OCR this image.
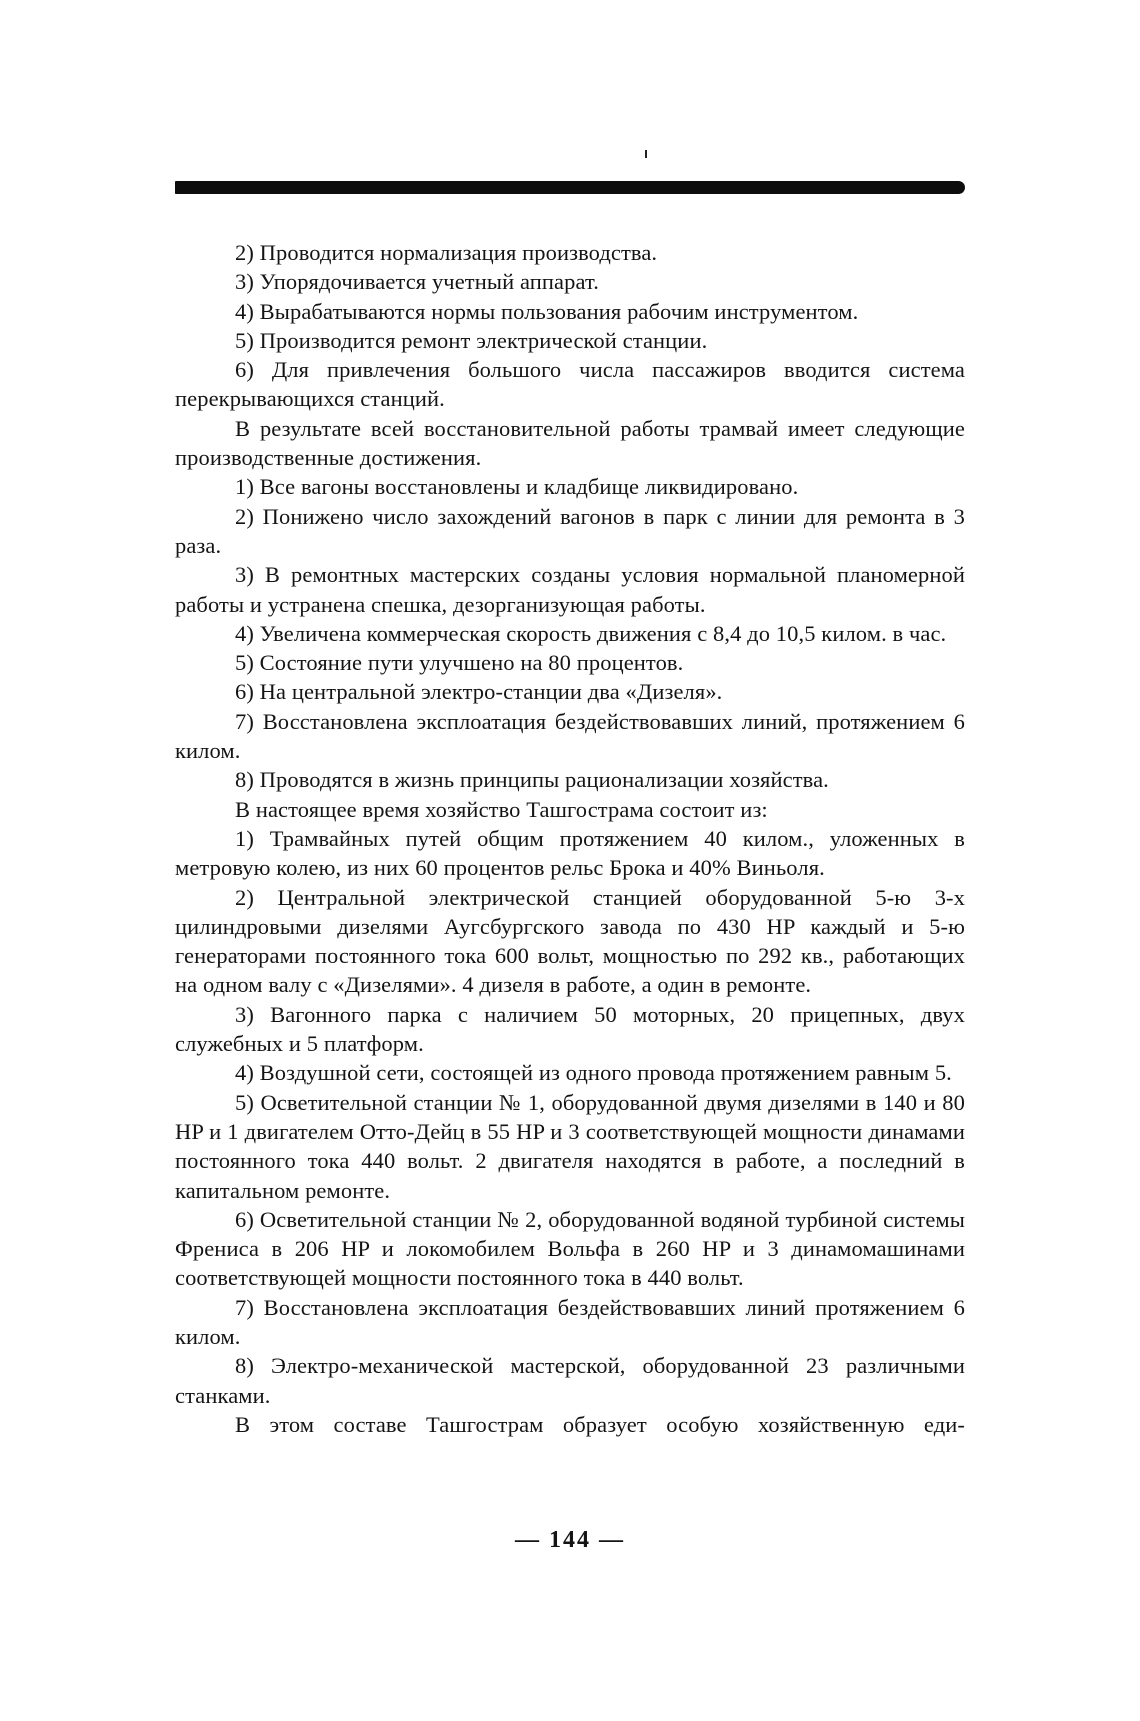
2) Проводится нормализация производства.

3) Упорядочивается учетный аппарат.

4) Вырабатываются нормы пользования рабочим инструментом.

5) Производится ремонт электрической станции.

6) Для привлечения большого числа пассажиров вводится система перекрывающихся станций.

В результате всей восстановительной работы трамвай имеет следующие производственные достижения.

1) Все вагоны восстановлены и кладбище ликвидировано.

2) Понижено число захождений вагонов в парк с линии для ремонта в 3 раза.

3) В ремонтных мастерских созданы условия нормальной планомерной работы и устранена спешка, дезорганизующая работы.

4) Увеличена коммерческая скорость движения с 8,4 до 10,5 килом. в час.

5) Состояние пути улучшено на 80 процентов.

6) На центральной электро-станции два «Дизеля».

7) Восстановлена эксплоатация бездействовавших линий, протяжением 6 килом.

8) Проводятся в жизнь принципы рационализации хозяйства.

В настоящее время хозяйство Ташгострама состоит из:

1) Трамвайных путей общим протяжением 40 килом., уложенных в метровую колею, из них 60 процентов рельс Брока и 40% Виньоля.

2) Центральной электрической станцией оборудованной 5-ю 3-х цилиндровыми дизелями Аугсбургского завода по 430 HP каждый и 5-ю генераторами постоянного тока 600 вольт, мощностью по 292 кв., работающих на одном валу с «Дизелями». 4 дизеля в работе, а один в ремонте.

3) Вагонного парка с наличием 50 моторных, 20 прицепных, двух служебных и 5 платформ.

4) Воздушной сети, состоящей из одного провода протяжением равным 5.

5) Осветительной станции № 1, оборудованной двумя дизелями в 140 и 80 HP и 1 двигателем Отто-Дейц в 55 HP и 3 соответствующей мощности динамами постоянного тока 440 вольт. 2 двигателя находятся в работе, а последний в капитальном ремонте.

6) Осветительной станции № 2, оборудованной водяной турбиной системы Френиса в 206 HP и локомобилем Вольфа в 260 HP и 3 динамомашинами соответствующей мощности постоянного тока в 440 вольт.

7) Восстановлена эксплоатация бездействовавших линий протяжением 6 килом.

8) Электро-механической мастерской, оборудованной 23 различными станками.

В этом составе Ташгострам образует особую хозяйственную еди-

— 144 —
